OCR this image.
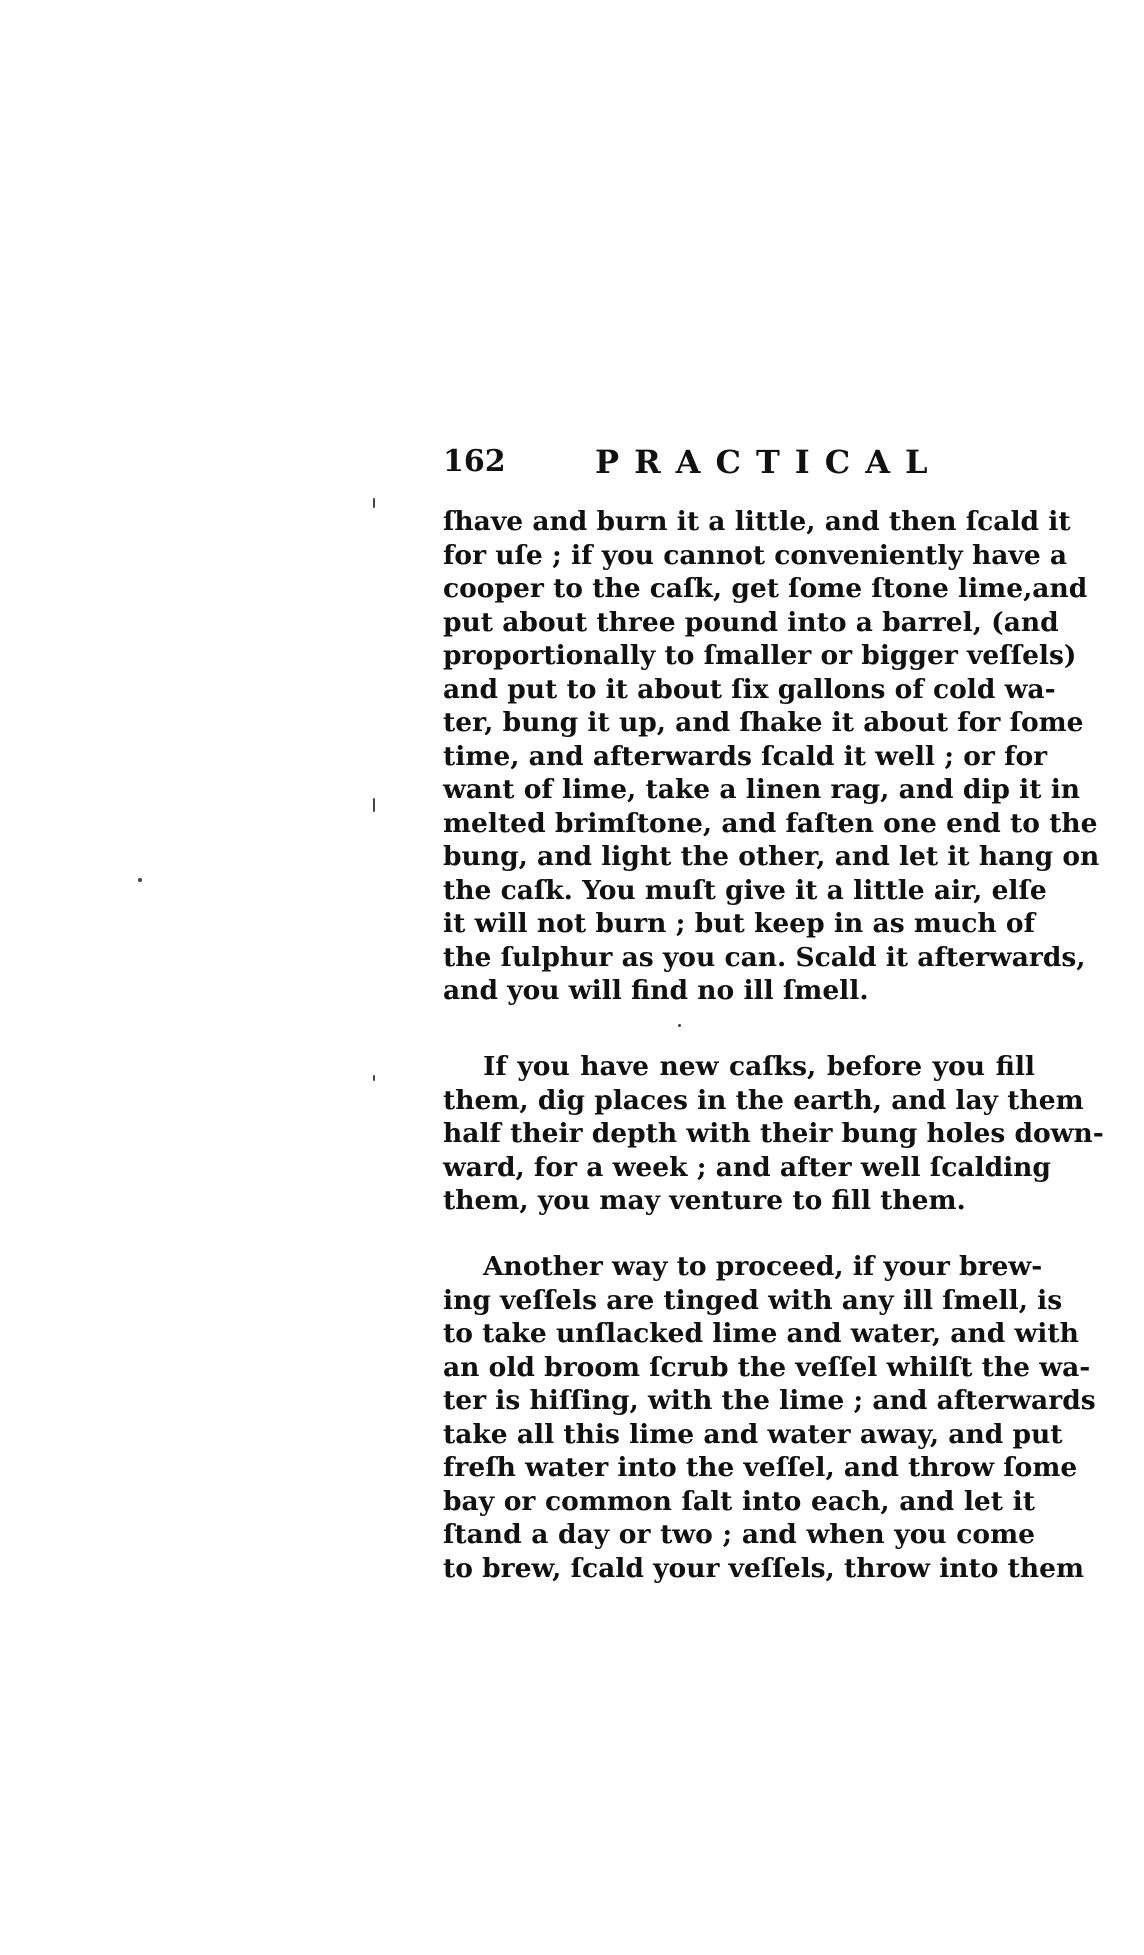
162	PRACTICAL
ſhave and burn it a little, and then ſcald it
for uſe ; if you cannot conveniently have a
cooper to the caſk, get ſome ſtone lime,and
put about three pound into a barrel, (and
proportionally to ſmaller or bigger veſſels)
and put to it about ſix gallons of cold wa-
ter, bung it up, and ſhake it about for ſome
time, and afterwards ſcald it well ; or for
want of lime, take a linen rag, and dip it in
melted brimſtone, and faſten one end to the
bung, and light the other, and let it hang on
the caſk. You muſt give it a little air, elſe
it will not burn ; but keep in as much of
the ſulphur as you can. Scald it afterwards,
and you will find no ill ſmell.
If you have new caſks, before you fill
them, dig places in the earth, and lay them
half their depth with their bung holes down-
ward, for a week ; and after well ſcalding
them, you may venture to fill them.
Another way to proceed, if your brew-
ing veſſels are tinged with any ill ſmell, is
to take unſlacked lime and water, and with
an old broom ſcrub the veſſel whilſt the wa-
ter is hiſſing, with the lime ; and afterwards
take all this lime and water away, and put
freſh water into the veſſel, and throw ſome
bay or common ſalt into each, and let it
ſtand a day or two ; and when you come
to brew, ſcald your veſſels, throw into them
